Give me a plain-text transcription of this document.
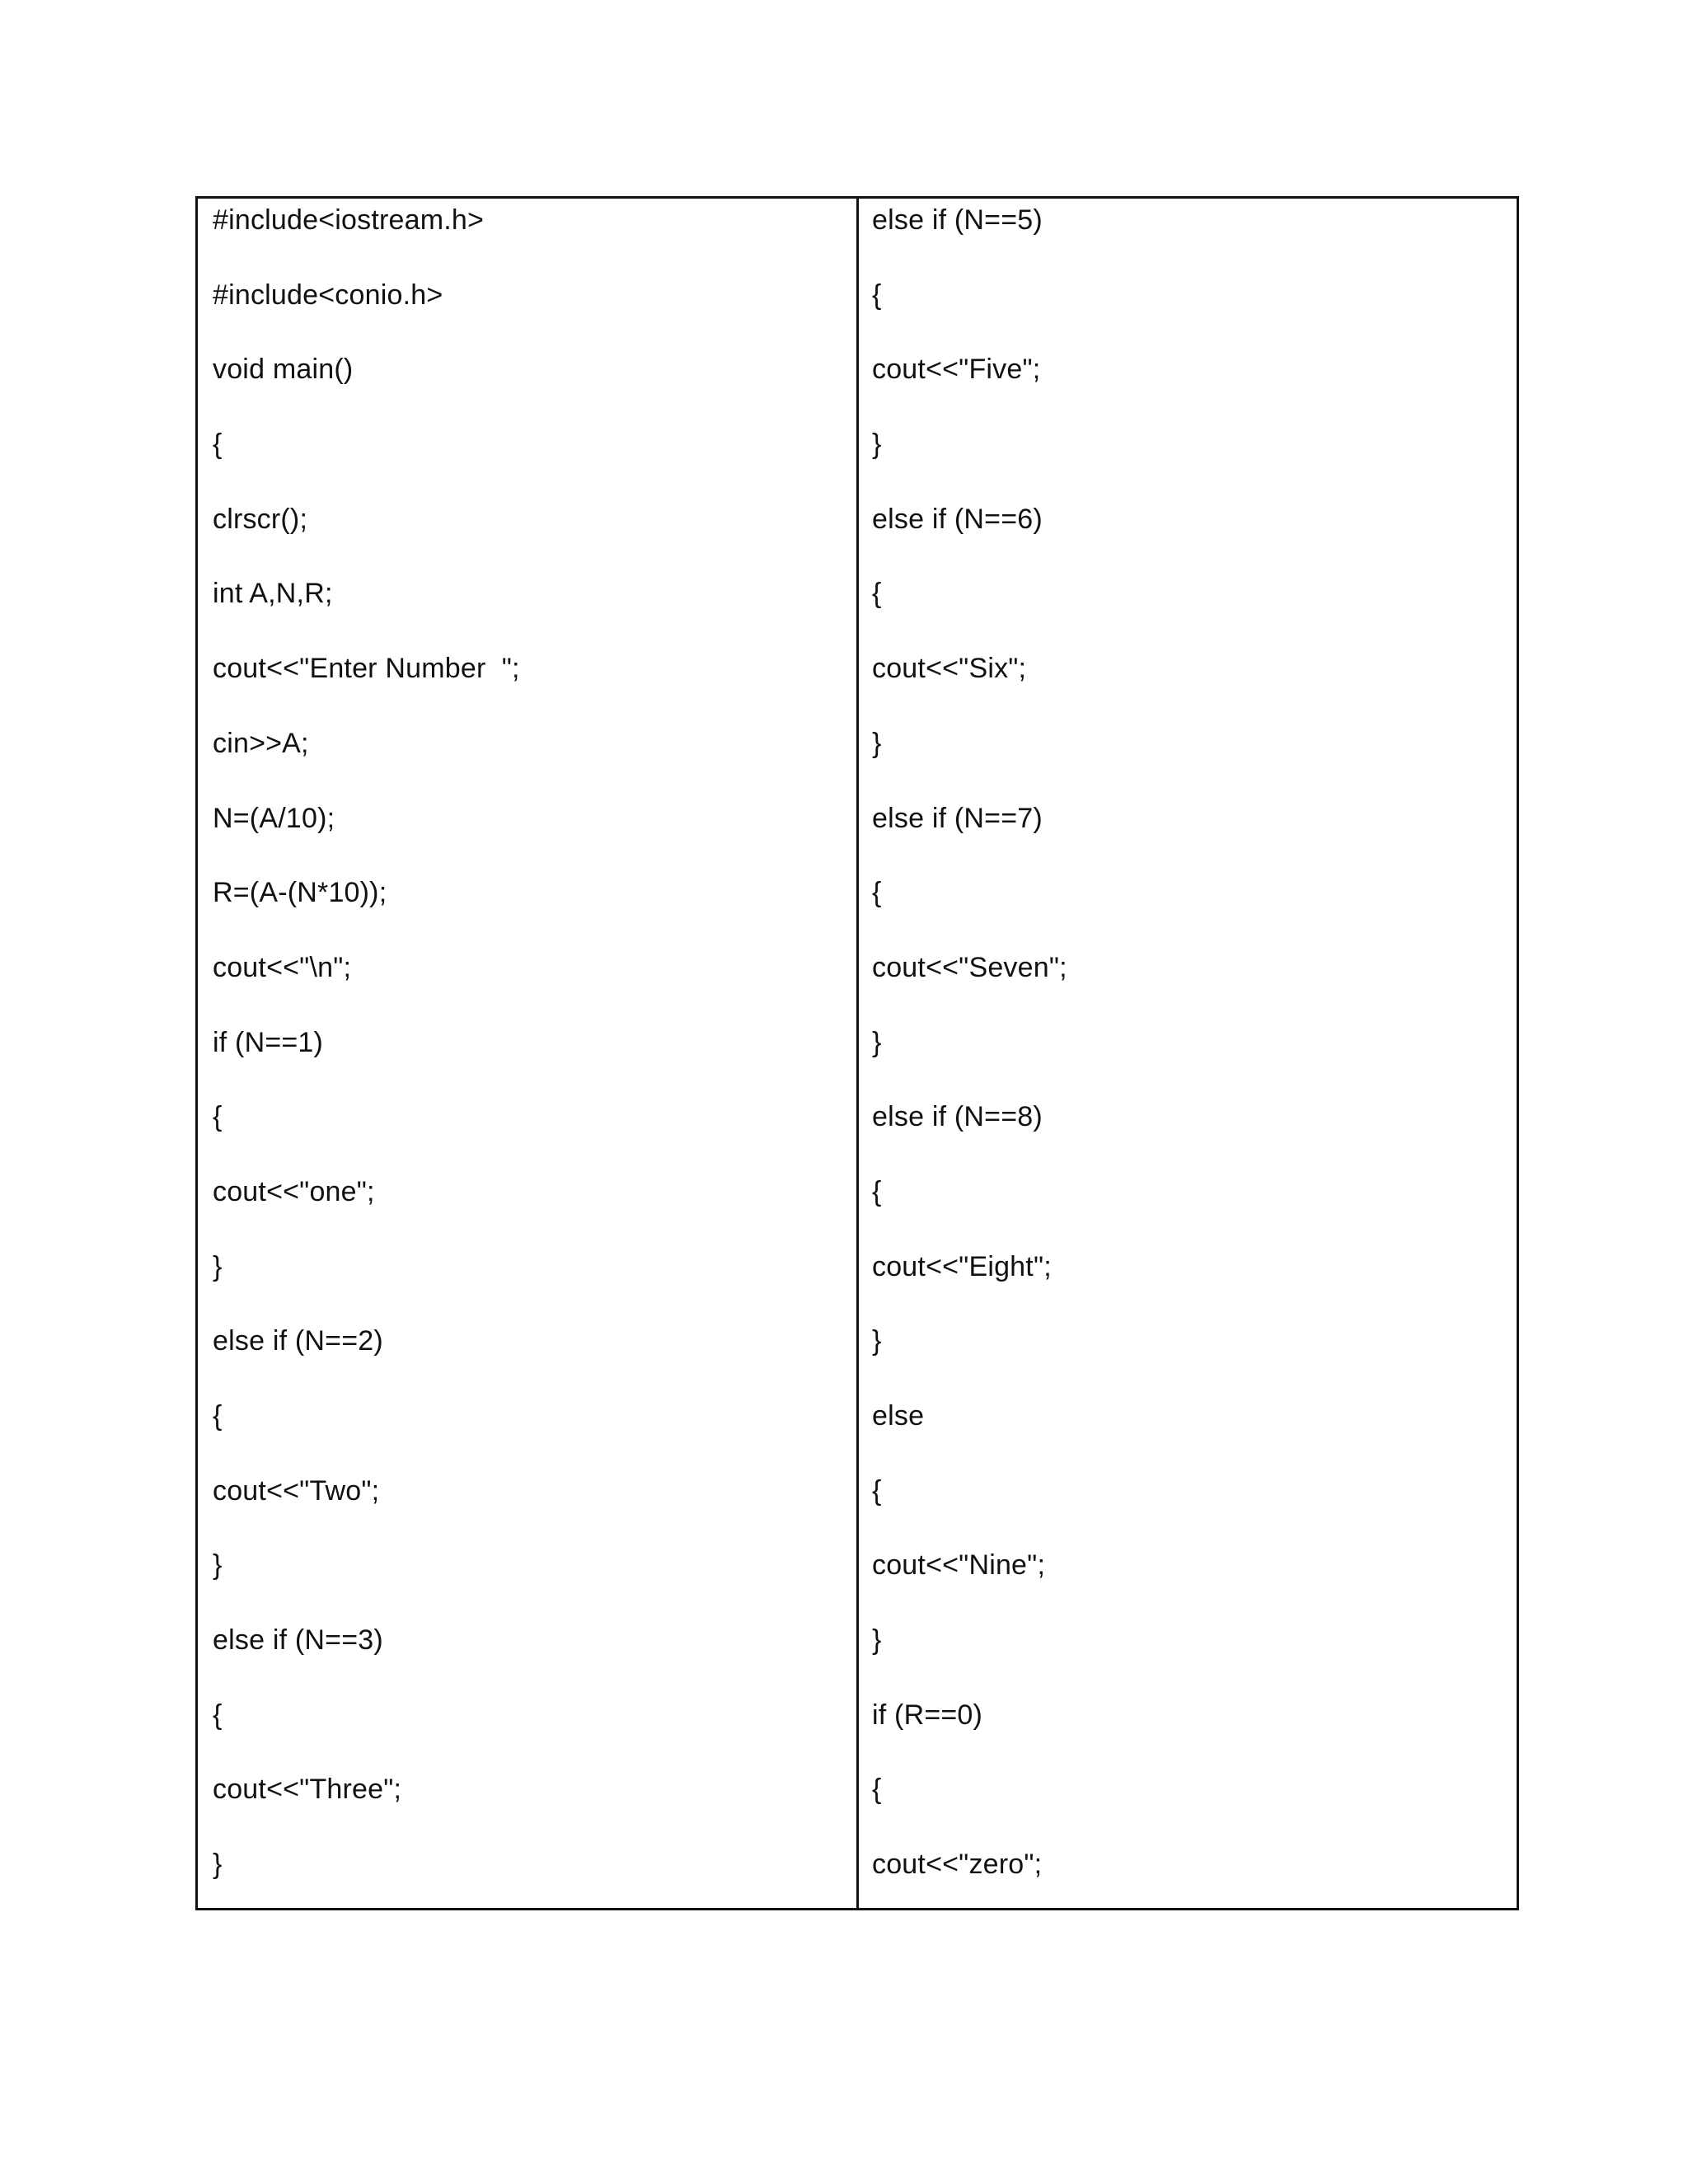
#include<iostream.h>
#include<conio.h>
void main()
{
clrscr();
int A,N,R;
cout<<"Enter Number  ";
cin>>A;
N=(A/10);
R=(A-(N*10));
cout<<"\n";
if (N==1)
{
cout<<"one";
}
else if (N==2)
{
cout<<"Two";
}
else if (N==3)
{
cout<<"Three";
}
else if (N==5)
{
cout<<"Five";
}
else if (N==6)
{
cout<<"Six";
}
else if (N==7)
{
cout<<"Seven";
}
else if (N==8)
{
cout<<"Eight";
}
else
{
cout<<"Nine";
}
if (R==0)
{
cout<<"zero";
